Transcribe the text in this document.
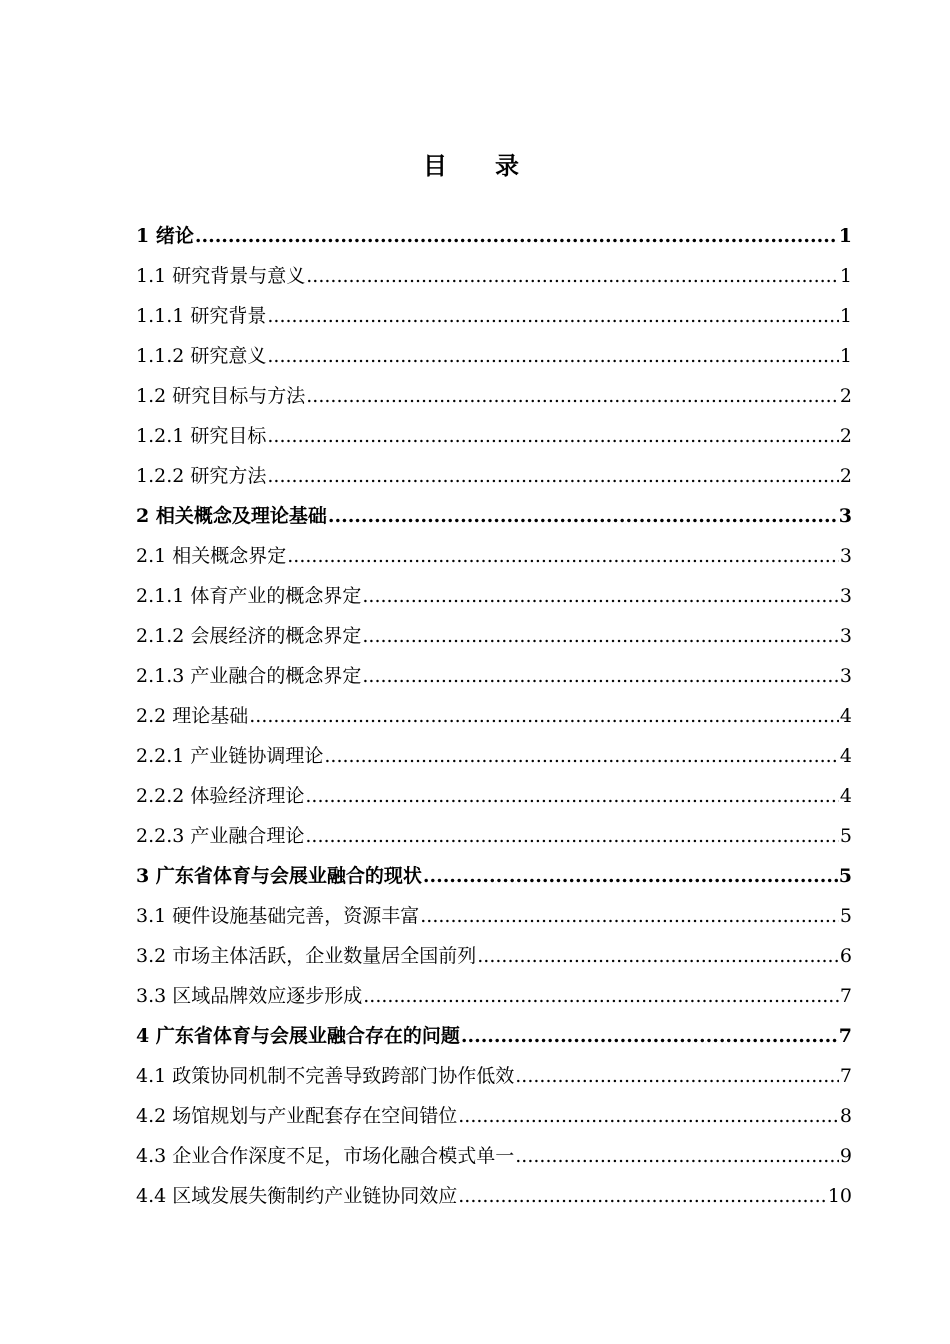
目录
1 绪论 .....	1
1.1 研究背景与意义 .....	1
1.1.1 研究背景 .....	1
1.1.2 研究意义 .....	1
1.2 研究目标与方法 .....	2
1.2.1 研究目标 .....	2
1.2.2 研究方法 .....	2
2 相关概念及理论基础 .....	3
2.1 相关概念界定 .....	3
2.1.1 体育产业的概念界定 .....	3
2.1.2 会展经济的概念界定 .....	3
2.1.3 产业融合的概念界定 .....	3
2.2 理论基础 .....	4
2.2.1 产业链协调理论 .....	4
2.2.2 体验经济理论 .....	4
2.2.3 产业融合理论 .....	5
3 广东省体育与会展业融合的现状 .....	5
3.1 硬件设施基础完善，资源丰富 .....	5
3.2 市场主体活跃，企业数量居全国前列 .....	6
3.3 区域品牌效应逐步形成 .....	7
4 广东省体育与会展业融合存在的问题 .....	7
4.1 政策协同机制不完善导致跨部门协作低效 .....	7
4.2 场馆规划与产业配套存在空间错位 .....	8
4.3 企业合作深度不足，市场化融合模式单一 .....	9
4.4 区域发展失衡制约产业链协同效应 .....	10
